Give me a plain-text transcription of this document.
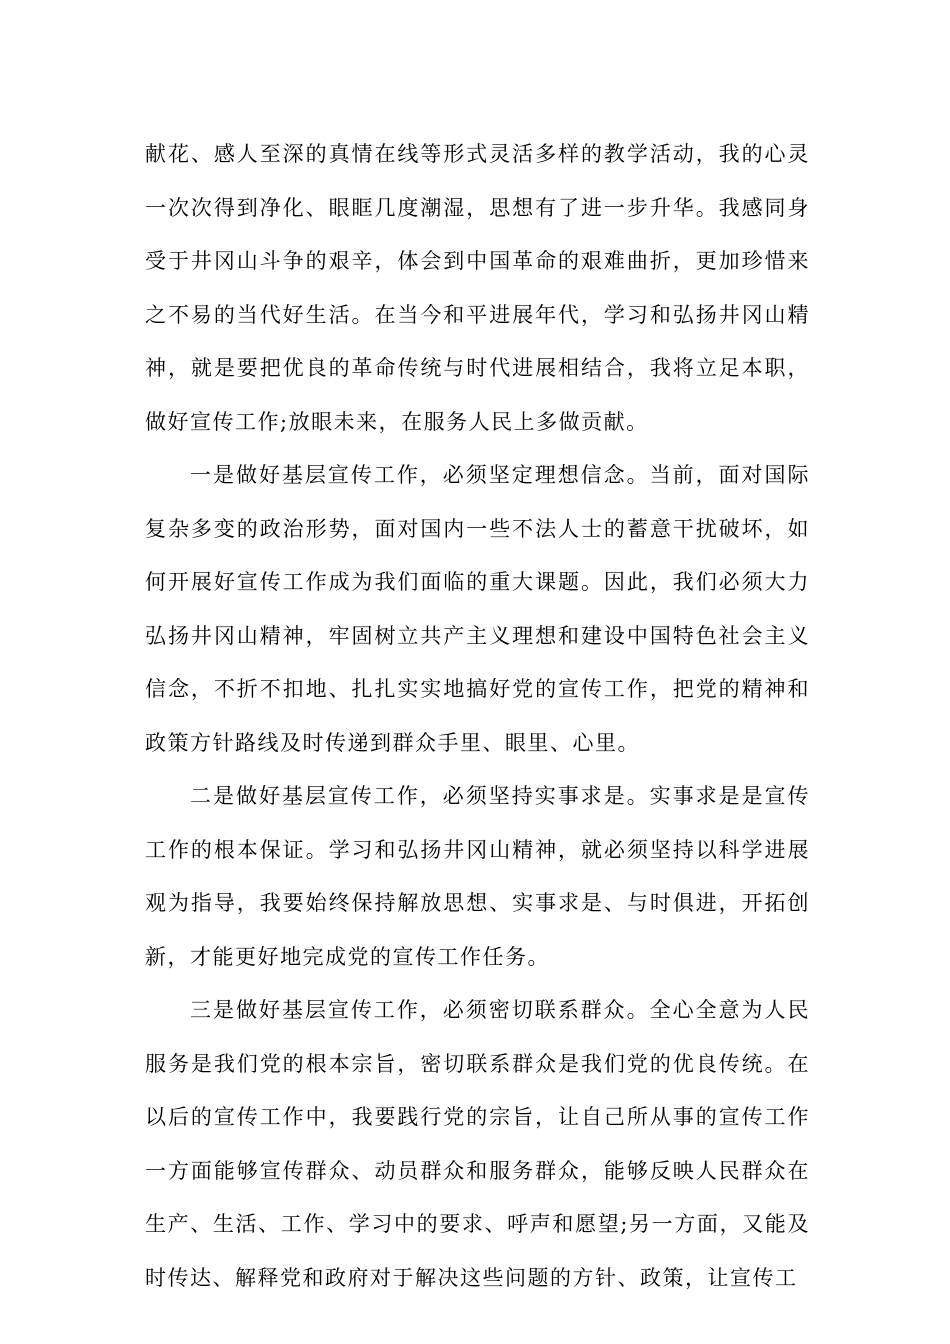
献花、感人至深的真情在线等形式灵活多样的教学活动，我的心灵一次次得到净化、眼眶几度潮湿，思想有了进一步升华。我感同身受于井冈山斗争的艰辛，体会到中国革命的艰难曲折，更加珍惜来之不易的当代好生活。在当今和平进展年代，学习和弘扬井冈山精神，就是要把优良的革命传统与时代进展相结合，我将立足本职，做好宣传工作;放眼未来，在服务人民上多做贡献。

一是做好基层宣传工作，必须坚定理想信念。当前，面对国际复杂多变的政治形势，面对国内一些不法人士的蓄意干扰破坏，如何开展好宣传工作成为我们面临的重大课题。因此，我们必须大力弘扬井冈山精神，牢固树立共产主义理想和建设中国特色社会主义信念，不折不扣地、扎扎实实地搞好党的宣传工作，把党的精神和政策方针路线及时传递到群众手里、眼里、心里。

二是做好基层宣传工作，必须坚持实事求是。实事求是是宣传工作的根本保证。学习和弘扬井冈山精神，就必须坚持以科学进展观为指导，我要始终保持解放思想、实事求是、与时俱进，开拓创新，才能更好地完成党的宣传工作任务。

三是做好基层宣传工作，必须密切联系群众。全心全意为人民服务是我们党的根本宗旨，密切联系群众是我们党的优良传统。在以后的宣传工作中，我要践行党的宗旨，让自己所从事的宣传工作一方面能够宣传群众、动员群众和服务群众，能够反映人民群众在生产、生活、工作、学习中的要求、呼声和愿望;另一方面，又能及时传达、解释党和政府对于解决这些问题的方针、政策，让宣传工
